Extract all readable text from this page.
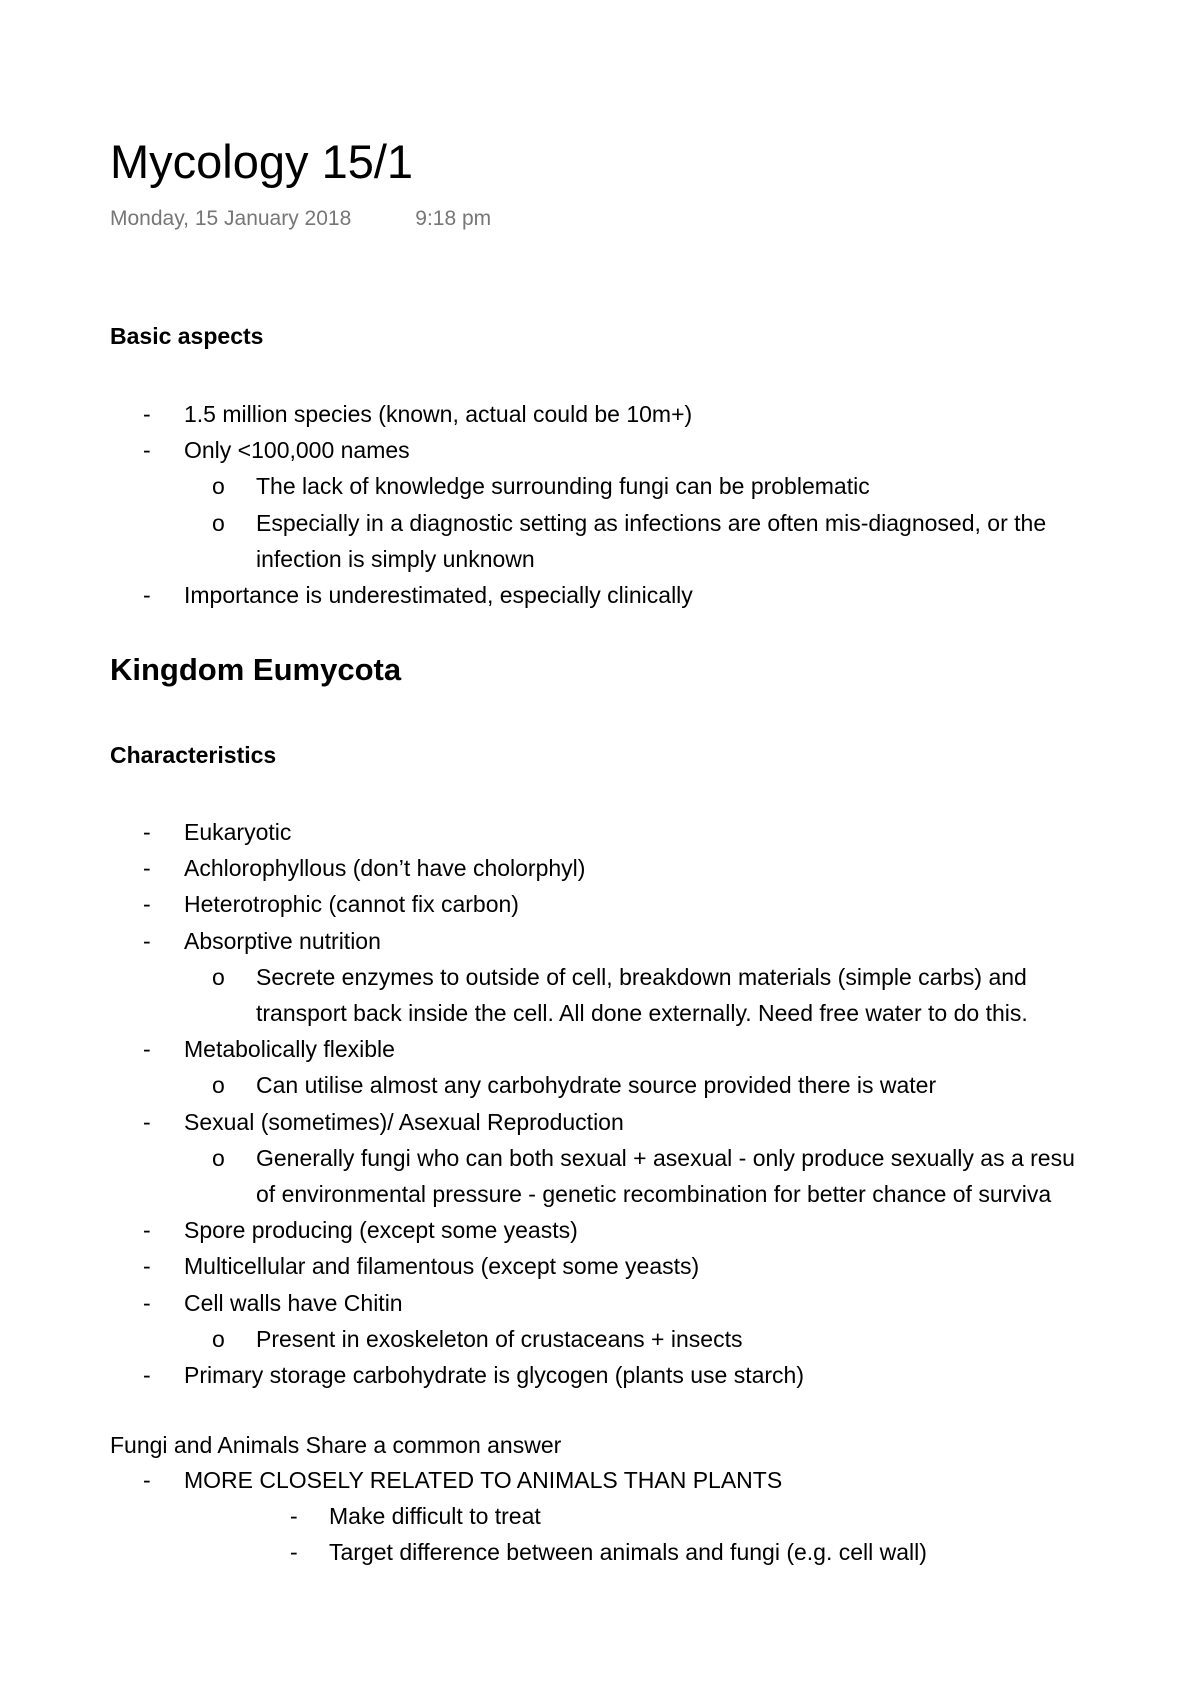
Mycology 15/1
Monday, 15 January 2018	9:18 pm
Basic aspects
- 1.5 million species (known, actual could be 10m+)
- Only <100,000 names
o The lack of knowledge surrounding fungi can be problematic
o Especially in a diagnostic setting as infections are often mis-diagnosed, or the
infection is simply unknown
- Importance is underestimated, especially clinically
Kingdom Eumycota
Characteristics
- Eukaryotic
- Achlorophyllous (don’t have cholorphyl)
- Heterotrophic (cannot fix carbon)
- Absorptive nutrition
o Secrete enzymes to outside of cell, breakdown materials (simple carbs) and
transport back inside the cell. All done externally. Need free water to do this.
- Metabolically flexible
o Can utilise almost any carbohydrate source provided there is water
- Sexual (sometimes)/ Asexual Reproduction
o Generally fungi who can both sexual + asexual - only produce sexually as a resu
of environmental pressure - genetic recombination for better chance of surviva
- Spore producing (except some yeasts)
- Multicellular and filamentous (except some yeasts)
- Cell walls have Chitin
o Present in exoskeleton of crustaceans + insects
- Primary storage carbohydrate is glycogen (plants use starch)
Fungi and Animals Share a common answer
- MORE CLOSELY RELATED TO ANIMALS THAN PLANTS
- Make difficult to treat
- Target difference between animals and fungi (e.g. cell wall)
